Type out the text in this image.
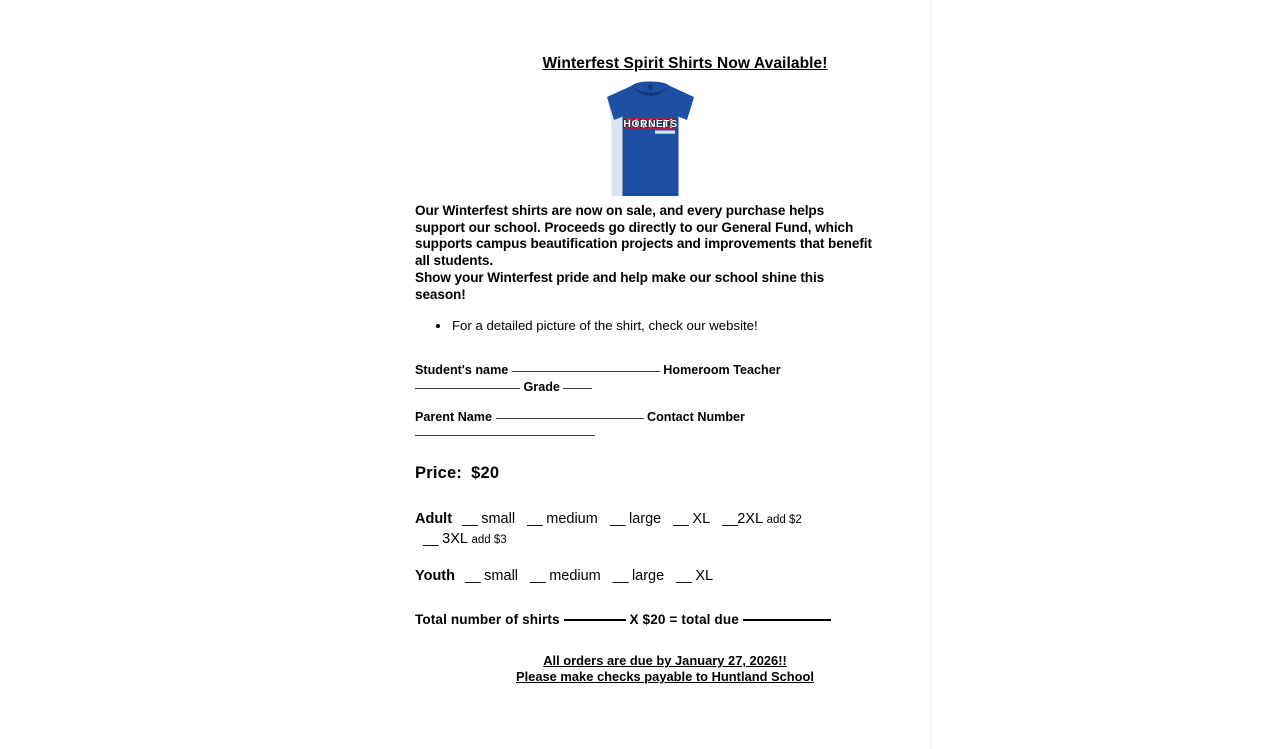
Winterfest Spirit Shirts Now Available!
HORNETS

Our Winterfest shirts are now on sale, and every purchase helps support our school. Proceeds go directly to our General Fund, which supports campus beautification projects and improvements that benefit all students.

Show your Winterfest pride and help make our school shine this season!

For a detailed picture of the shirt, check our website!
Student's name	Homeroom Teacher Grade
Parent Name	Contact Number
Price: $20
Adult __ small __ medium __ large __ XL __2XL add $2
__ 3XL add $3
Youth __ small __ medium __ large __ XL
Total number of shirts	X $20 = total due
All orders are due by January 27, 2026!!
Please make checks payable to Huntland School
